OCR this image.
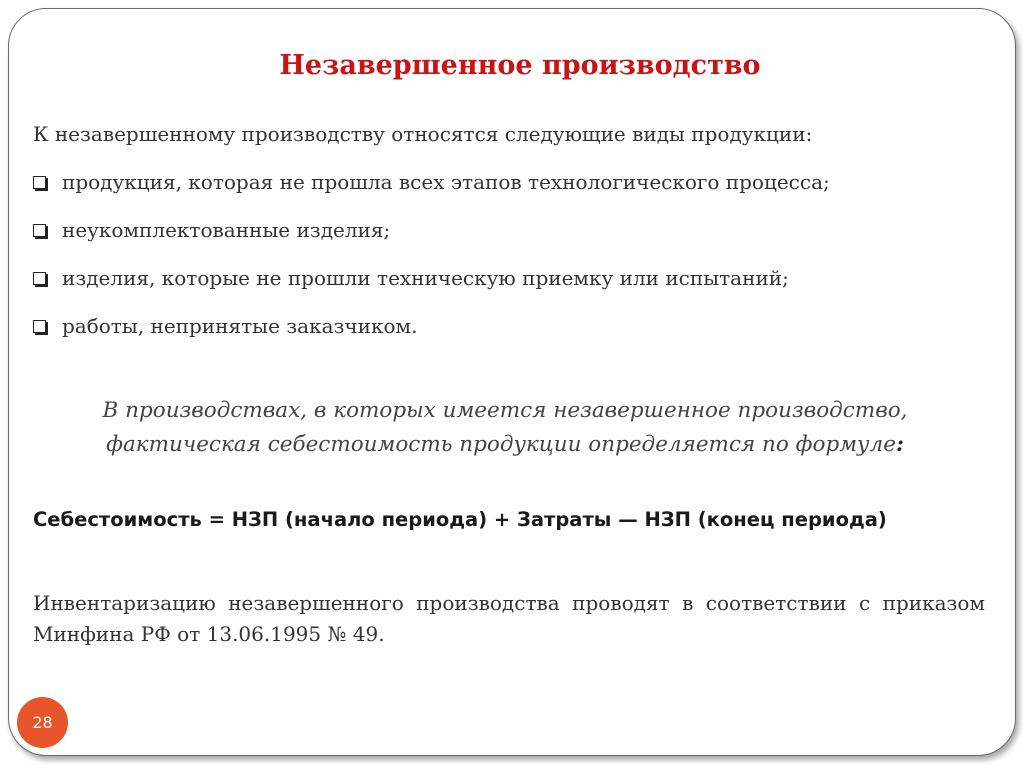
Незавершенное производство
К незавершенному производству относятся следующие виды продукции:
продукция, которая не прошла всех этапов технологического процесса;
неукомплектованные изделия;
изделия, которые не прошли техническую приемку или испытаний;
работы, непринятые заказчиком.
В производствах, в которых имеется незавершенное производство,
фактическая себестоимость продукции определяется по формуле:
Себестоимость = НЗП (начало периода) + Затраты — НЗП (конец периода)
Инвентаризацию незавершенного производства проводят в соответствии с приказом Минфина РФ от 13.06.1995 № 49.
28
